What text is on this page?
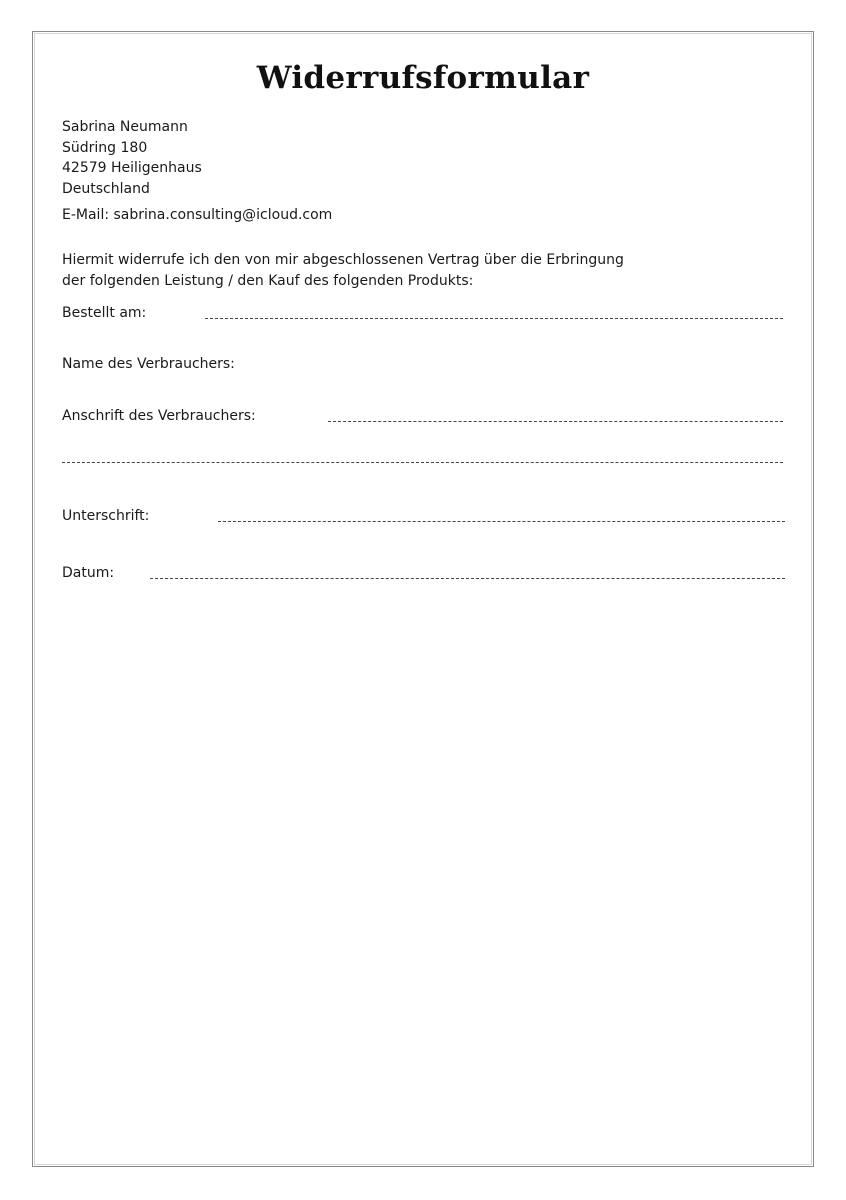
Widerrufsformular
Sabrina Neumann
Südring 180
42579 Heiligenhaus
Deutschland
E-Mail: sabrina.consulting@icloud.com
Hiermit widerrufe ich den von mir abgeschlossenen Vertrag über die Erbringung
der folgenden Leistung / den Kauf des folgenden Produkts:
Bestellt am:
Name des Verbrauchers:
Anschrift des Verbrauchers:
Unterschrift:
Datum:
